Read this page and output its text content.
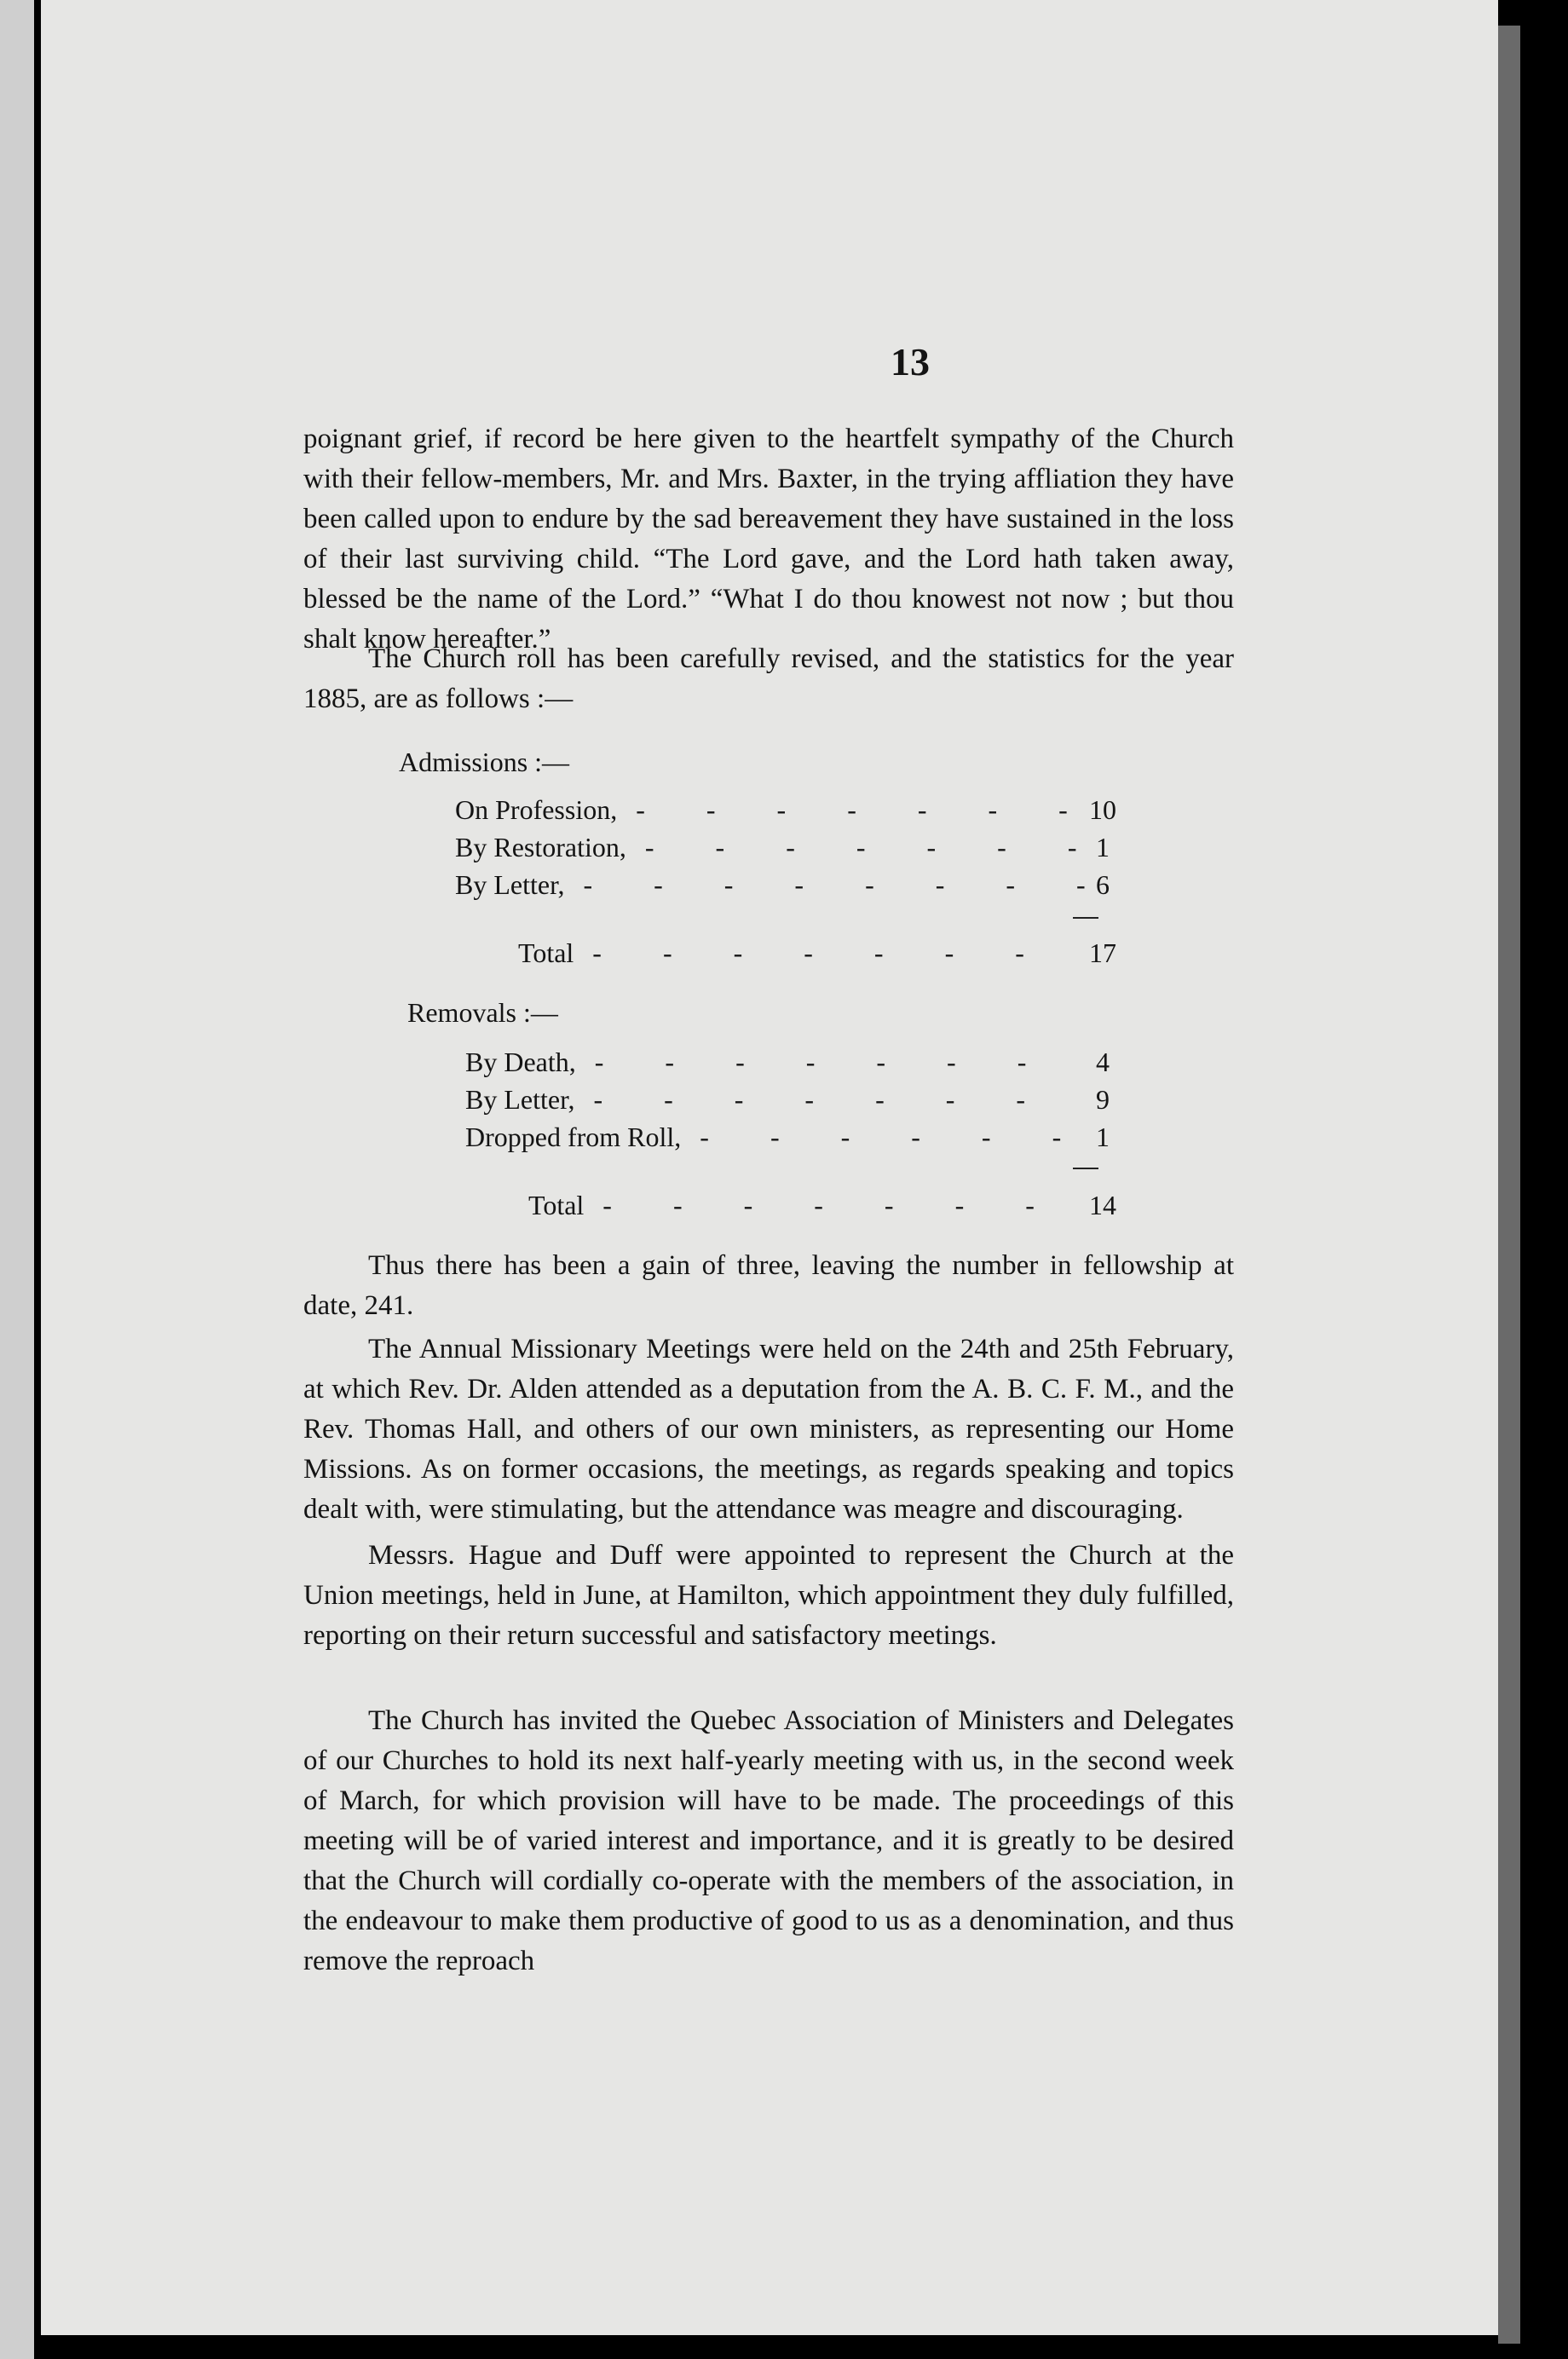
13

poignant grief, if record be here given to the heartfelt sympathy of the Church with their fellow-members, Mr. and Mrs. Baxter, in the trying affliation they have been called upon to endure by the sad bereavement they have sustained in the loss of their last surviving child. “The Lord gave, and the Lord hath taken away, blessed be the name of the Lord.” “What I do thou knowest not now ; but thou shalt know hereafter.”

The Church roll has been carefully revised, and the statistics for the year 1885, are as follows :—

Admissions :—

On Profession, - - -	10
By Restoration, - - -	1
By Letter, - - -	6
Total - - -	17

Removals :—

By Death, - - -	4
By Letter, - - -	9
Dropped from Roll, - - -	1
Total - - -	14

Thus there has been a gain of three, leaving the number in fellowship at date, 241.

The Annual Missionary Meetings were held on the 24th and 25th February, at which Rev. Dr. Alden attended as a deputation from the A. B. C. F. M., and the Rev. Thomas Hall, and others of our own ministers, as representing our Home Missions. As on former occasions, the meetings, as regards speaking and topics dealt with, were stimulating, but the attendance was meagre and discouraging.

Messrs. Hague and Duff were appointed to represent the Church at the Union meetings, held in June, at Hamilton, which appointment they duly fulfilled, reporting on their return successful and satisfactory meetings.

The Church has invited the Quebec Association of Ministers and Delegates of our Churches to hold its next half-yearly meeting with us, in the second week of March, for which provision will have to be made. The proceedings of this meeting will be of varied interest and importance, and it is greatly to be desired that the Church will cordially co-operate with the members of the association, in the endeavour to make them productive of good to us as a denomination, and thus remove the reproach
